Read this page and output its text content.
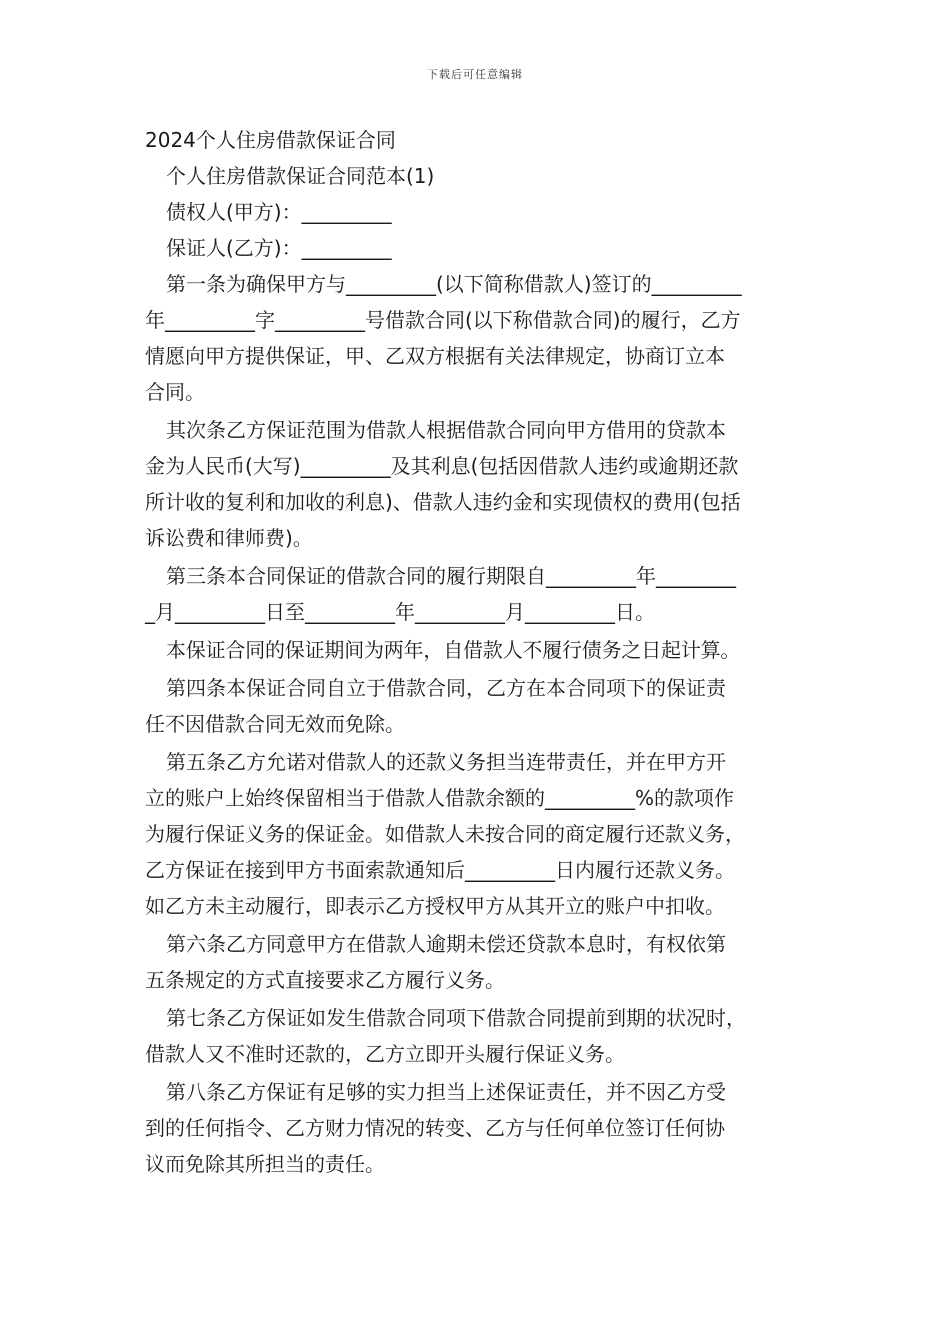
下载后可任意编辑
2024个人住房借款保证合同
个人住房借款保证合同范本(1)
债权人(甲方)：_________
保证人(乙方)：_________
第一条为确保甲方与_________(以下简称借款人)签订的_________
年_________字_________号借款合同(以下称借款合同)的履行，乙方
情愿向甲方提供保证，甲、乙双方根据有关法律规定，协商订立本
合同。
其次条乙方保证范围为借款人根据借款合同向甲方借用的贷款本
金为人民币(大写)_________及其利息(包括因借款人违约或逾期还款
所计收的复利和加收的利息)、借款人违约金和实现债权的费用(包括
诉讼费和律师费)。
第三条本合同保证的借款合同的履行期限自_________年________
_月_________日至_________年_________月_________日。
本保证合同的保证期间为两年，自借款人不履行债务之日起计算。
第四条本保证合同自立于借款合同，乙方在本合同项下的保证责
任不因借款合同无效而免除。
第五条乙方允诺对借款人的还款义务担当连带责任，并在甲方开
立的账户上始终保留相当于借款人借款余额的_________%的款项作
为履行保证义务的保证金。如借款人未按合同的商定履行还款义务，
乙方保证在接到甲方书面索款通知后_________日内履行还款义务。
如乙方未主动履行，即表示乙方授权甲方从其开立的账户中扣收。
第六条乙方同意甲方在借款人逾期未偿还贷款本息时，有权依第
五条规定的方式直接要求乙方履行义务。
第七条乙方保证如发生借款合同项下借款合同提前到期的状况时，
借款人又不准时还款的，乙方立即开头履行保证义务。
第八条乙方保证有足够的实力担当上述保证责任，并不因乙方受
到的任何指令、乙方财力情况的转变、乙方与任何单位签订任何协
议而免除其所担当的责任。
